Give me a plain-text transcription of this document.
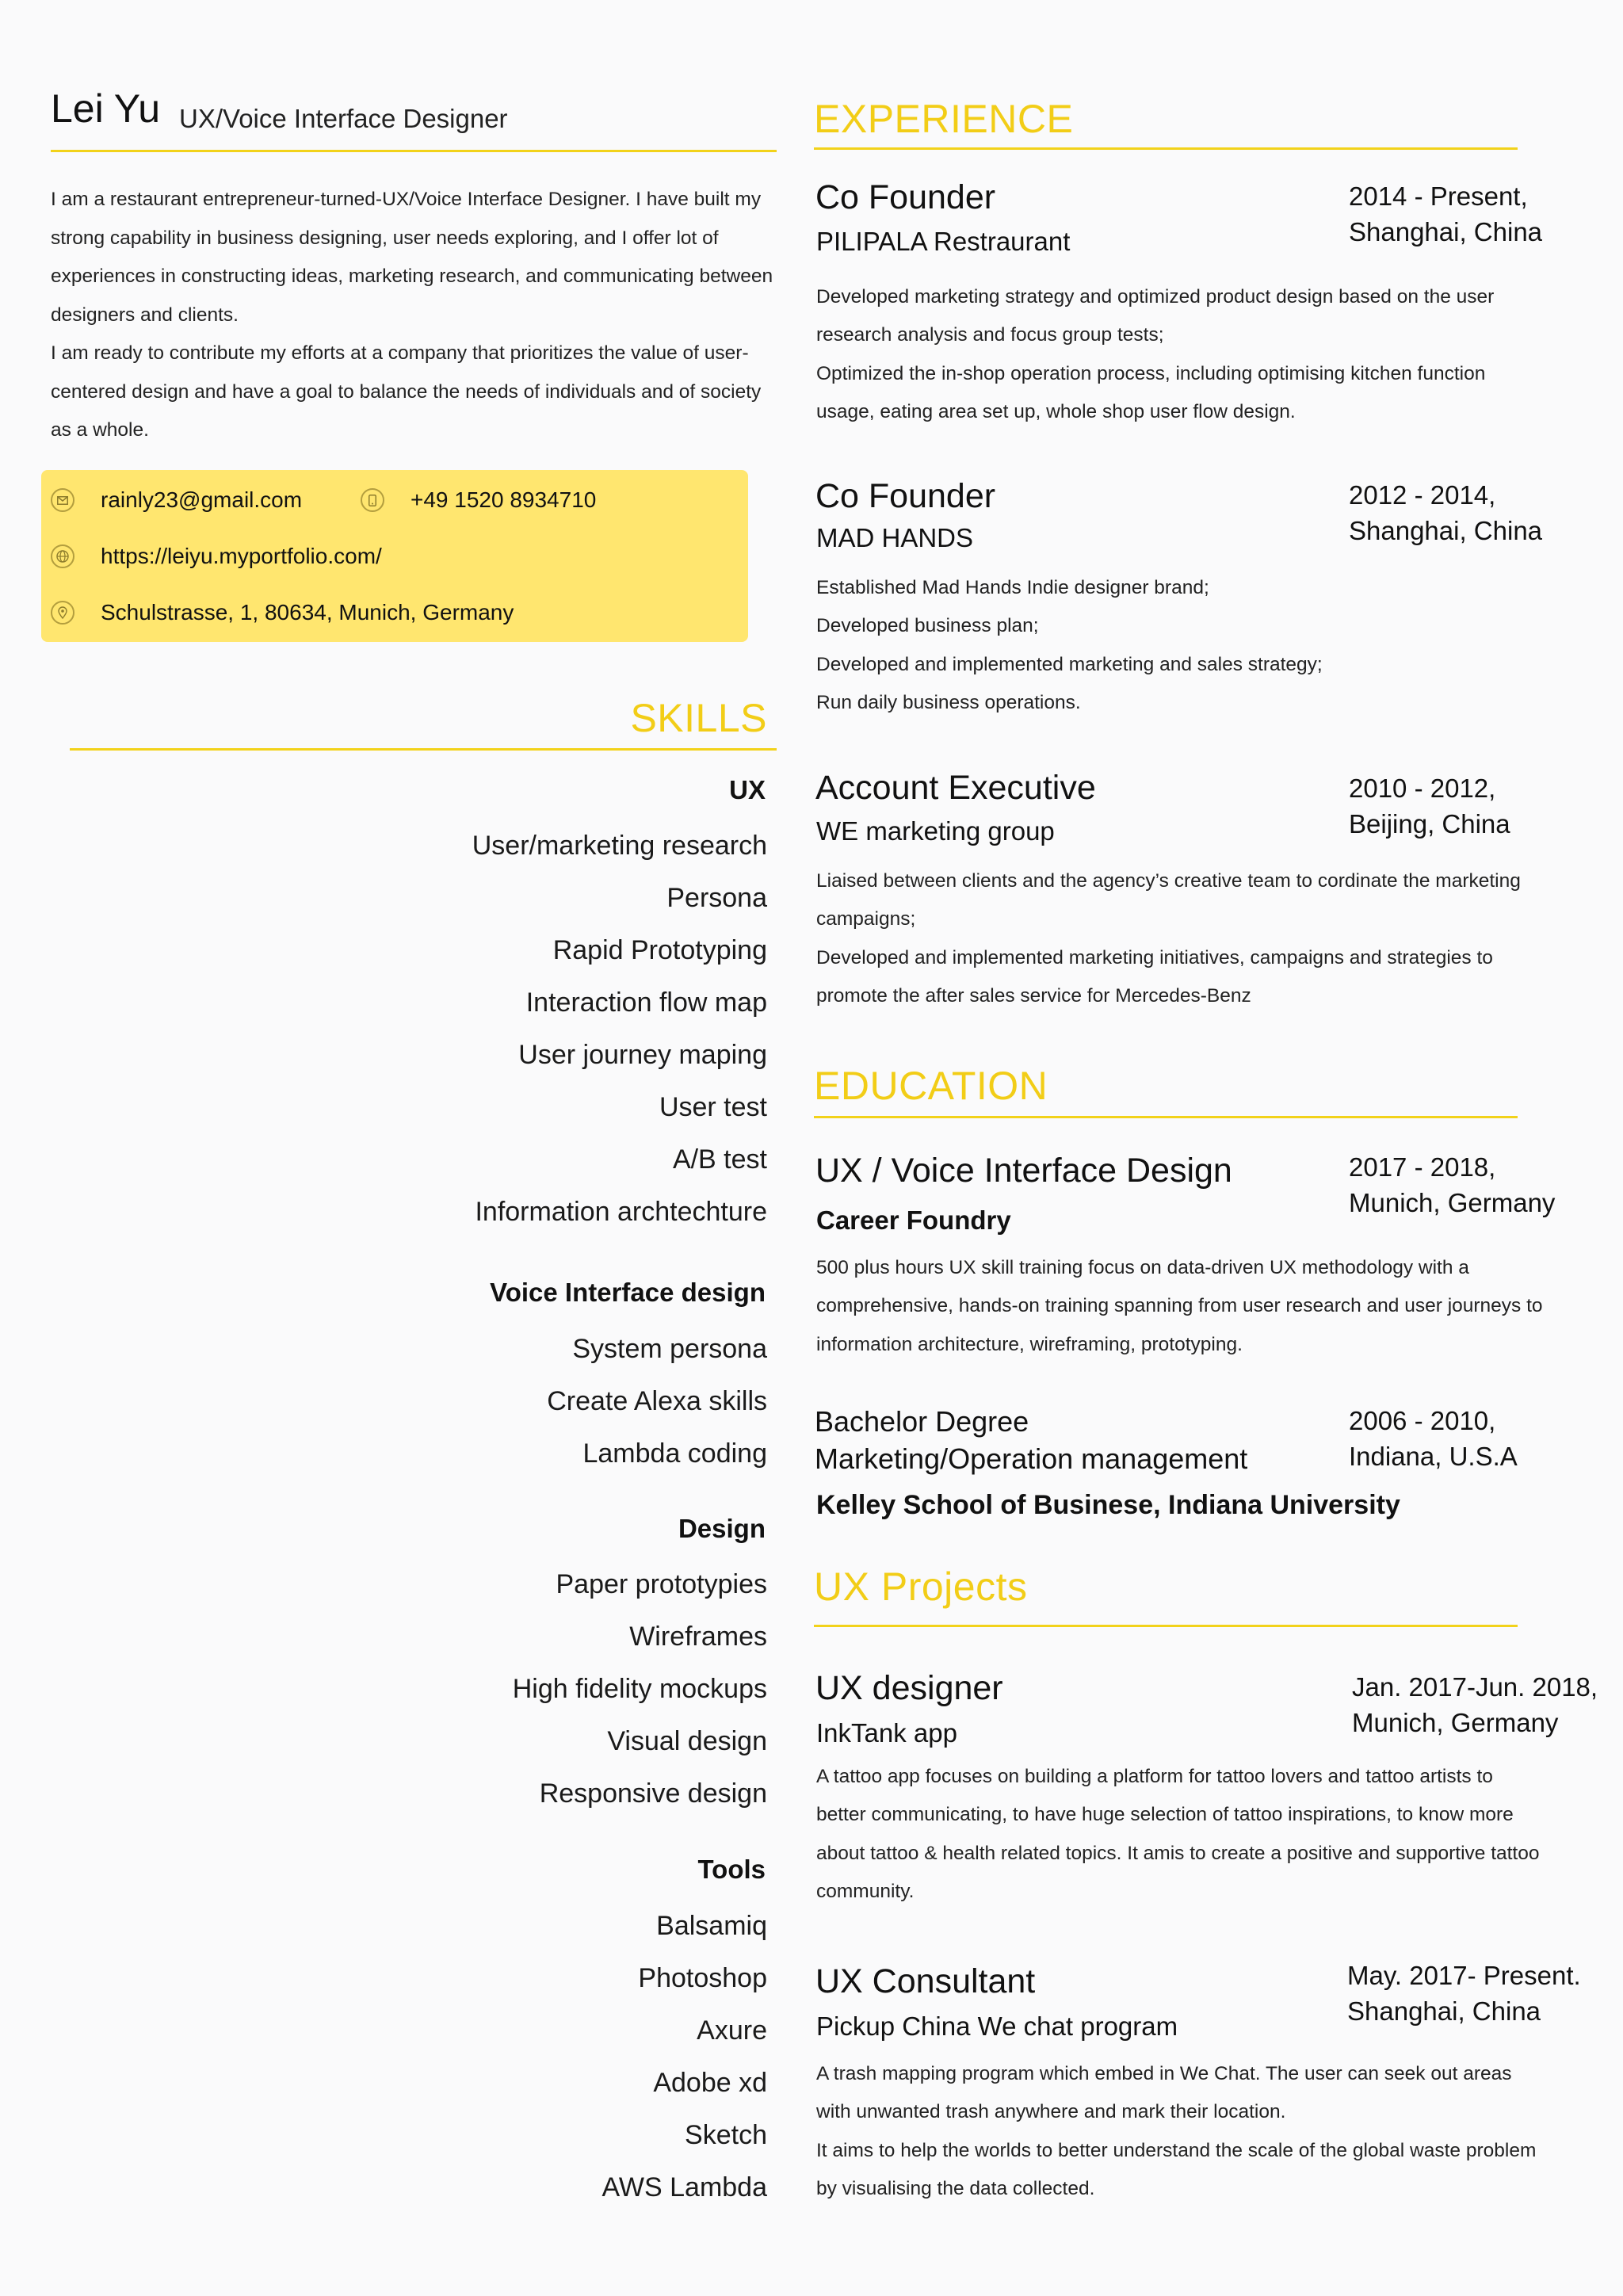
Lei Yu UX/Voice Interface Designer

I am a restaurant entrepreneur-turned-UX/Voice Interface Designer. I have built my strong capability in business designing, user needs exploring, and I offer lot of experiences in constructing ideas, marketing research, and communicating between designers and clients.

I am ready to contribute my efforts at a company that prioritizes the value of user-centered design and have a goal to balance the needs of individuals and of society as a whole.

rainly23@gmail.com	+49 1520 8934710
https://leiyu.myportfolio.com/
Schulstrasse, 1, 80634, Munich, Germany
SKILLS
UX
User/marketing research
Persona
Rapid Prototyping
Interaction flow map
User journey maping
User test
A/B test
Information archtechture
Voice Interface design
System persona
Create Alexa skills
Lambda coding
Design
Paper prototypies
Wireframes
High fidelity mockups
Visual design
Responsive design
Tools
Balsamiq
Photoshop
Axure
Adobe xd
Sketch
AWS Lambda
EXPERIENCE
Co Founder
PILIPALA Restraurant
2014 - Present,
Shanghai, China

Developed marketing strategy and optimized product design based on the user research analysis and focus group tests;

Optimized the in-shop operation process, including optimising kitchen function usage, eating area set up, whole shop user flow design.

Co Founder
MAD HANDS
2012 - 2014,
Shanghai, China

Established Mad Hands Indie designer brand;

Developed business plan;

Developed and implemented marketing and sales strategy;

Run daily business operations.

Account Executive
WE marketing group
2010 - 2012,
Beijing, China

Liaised between clients and the agency’s creative team to cordinate the marketing campaigns;

Developed and implemented marketing initiatives, campaigns and strategies to promote the after sales service for Mercedes-Benz

EDUCATION
UX / Voice Interface Design
Career Foundry
2017 - 2018,
Munich, Germany

500 plus hours UX skill training focus on data-driven UX methodology with a comprehensive, hands-on training spanning from user research and user journeys to information architecture, wireframing, prototyping.

Bachelor Degree
Marketing/Operation management
Kelley School of Businese, Indiana University
2006 - 2010,
Indiana, U.S.A
UX Projects
UX designer
InkTank app
Jan. 2017-Jun. 2018,
Munich, Germany

A tattoo app focuses on building a platform for tattoo lovers and tattoo artists to better communicating, to have huge selection of tattoo inspirations, to know more about tattoo & health related topics. It amis to create a positive and supportive tattoo community.

UX Consultant
Pickup China We chat program
May. 2017- Present.
Shanghai, China

A trash mapping program which embed in We Chat. The user can seek out areas with unwanted trash anywhere and mark their location.

It aims to help the worlds to better understand the scale of the global waste problem by visualising the data collected.
